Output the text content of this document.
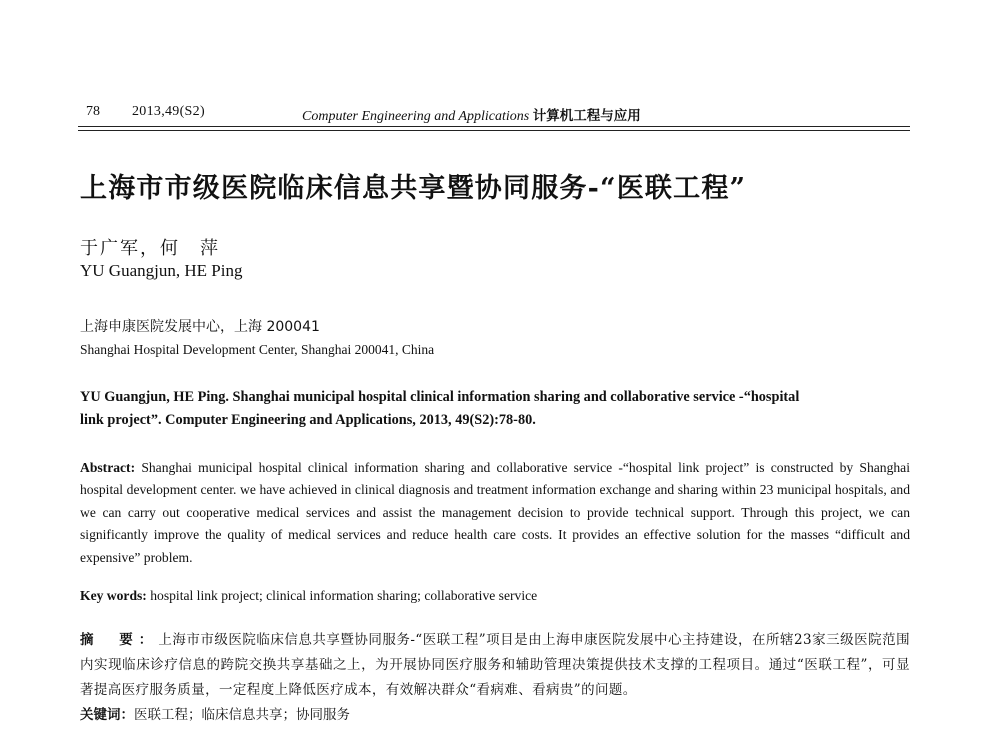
78 2013,49(S2)	Computer Engineering and Applications 计算机工程与应用
上海市市级医院临床信息共享暨协同服务-“医联工程”
于广军，何　萍
YU Guangjun, HE Ping
上海申康医院发展中心，上海 200041
Shanghai Hospital Development Center, Shanghai 200041, China
YU Guangjun, HE Ping. Shanghai municipal hospital clinical information sharing and collaborative service -“hospital
link project”. Computer Engineering and Applications, 2013, 49(S2):78-80.
Abstract: Shanghai municipal hospital clinical information sharing and collaborative service -“hospital link project” is constructed by Shanghai hospital development center. we have achieved in clinical diagnosis and treatment information exchange and sharing within 23 municipal hospitals, and we can carry out cooperative medical services and assist the management decision to provide technical support. Through this project, we can significantly improve the quality of medical services and reduce health care costs. It provides an effective solution for the masses “difficult and expensive” problem.
Key words: hospital link project; clinical information sharing; collaborative service
摘　要：上海市市级医院临床信息共享暨协同服务-“医联工程”项目是由上海申康医院发展中心主持建设，在所辖23家三级医院范围内实现临床诊疗信息的跨院交换共享基础之上，为开展协同医疗服务和辅助管理决策提供技术支撑的工程项目。通过“医联工程”，可显著提高医疗服务质量，一定程度上降低医疗成本，有效解决群众“看病难、看病贵”的问题。
关键词：医联工程；临床信息共享；协同服务
